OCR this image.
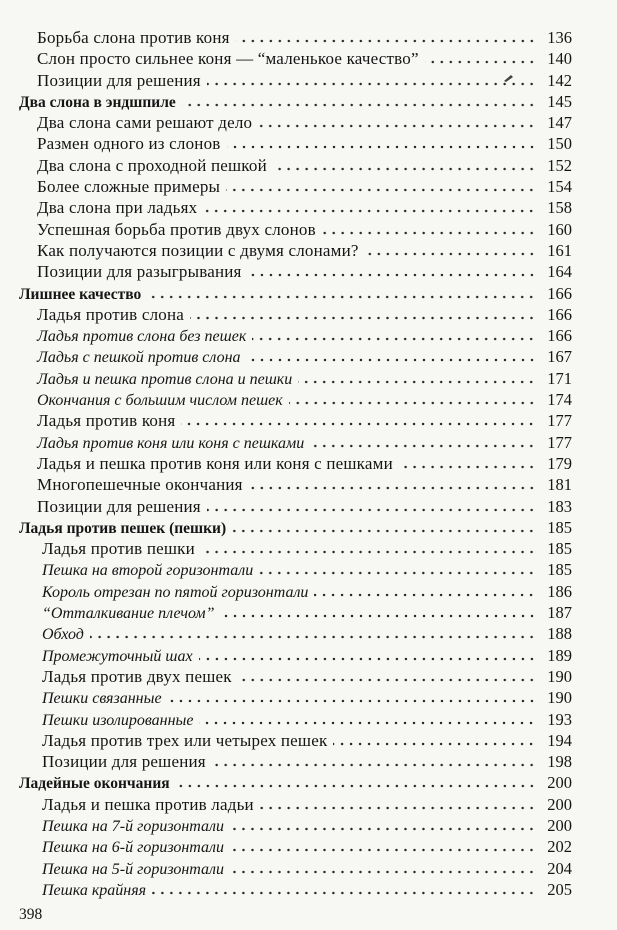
Борьба слона против коня	136
Слон просто сильнее коня — “маленькое качество”	140
Позиции для решения	142
Два слона в эндшпиле	145
Два слона сами решают дело	147
Размен одного из слонов	150
Два слона с проходной пешкой	152
Более сложные примеры	154
Два слона при ладьях	158
Успешная борьба против двух слонов	160
Как получаются позиции с двумя слонами?	161
Позиции для разыгрывания	164
Лишнее качество	166
Ладья против слона	166
Ладья против слона без пешек	166
Ладья с пешкой против слона	167
Ладья и пешка против слона и пешки	171
Окончания с большим числом пешек	174
Ладья против коня	177
Ладья против коня или коня с пешками	177
Ладья и пешка против коня или коня с пешками	179
Многопешечные окончания	181
Позиции для решения	183
Ладья против пешек (пешки)	185
Ладья против пешки	185
Пешка на второй горизонтали	185
Король отрезан по пятой горизонтали	186
“Отталкивание плечом”	187
Обход	188
Промежуточный шах	189
Ладья против двух пешек	190
Пешки связанные	190
Пешки изолированные	193
Ладья против трех или четырех пешек	194
Позиции для решения	198
Ладейные окончания	200
Ладья и пешка против ладьи	200
Пешка на 7-й горизонтали	200
Пешка на 6-й горизонтали	202
Пешка на 5-й горизонтали	204
Пешка крайняя	205
398
